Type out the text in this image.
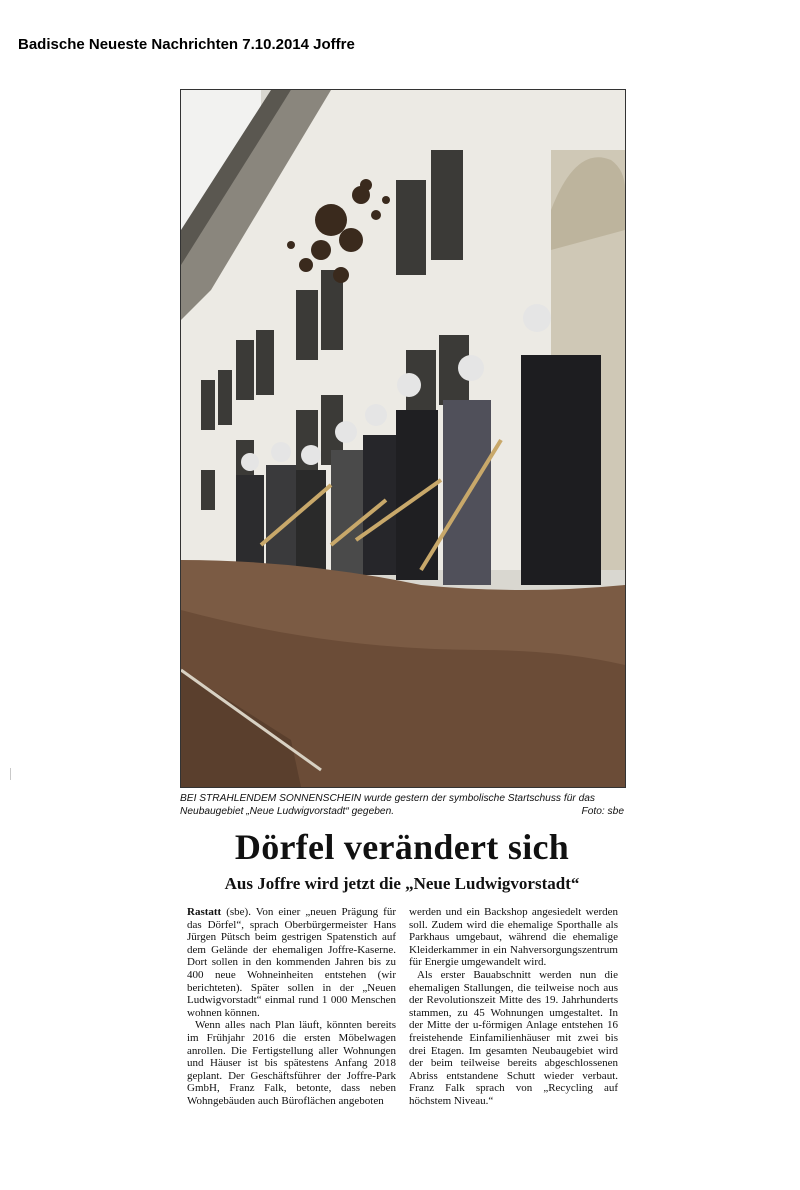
Badische Neueste Nachrichten 7.10.2014 Joffre
BEI STRAHLENDEM SONNENSCHEIN wurde gestern der symbolische Startschuss für das Neubaugebiet „Neue Ludwigvorstadt“ gegeben.	Foto: sbe
Dörfel verändert sich
Aus Joffre wird jetzt die „Neue Ludwigvorstadt“

Rastatt (sbe). Von einer „neuen Prägung für das Dörfel“, sprach Oberbürgermeister Hans Jürgen Pütsch beim gestrigen Spatenstich auf dem Gelände der ehemaligen Joffre-Kaserne. Dort sollen in den kommenden Jahren bis zu 400 neue Wohneinheiten entstehen (wir berichteten). Später sollen in der „Neuen Ludwigvorstadt“ einmal rund 1 000 Menschen wohnen können.

Wenn alles nach Plan läuft, könnten bereits im Frühjahr 2016 die ersten Möbelwagen anrollen. Die Fertigstellung aller Wohnungen und Häuser ist bis spätestens Anfang 2018 geplant. Der Geschäftsführer der Joffre-Park GmbH, Franz Falk, betonte, dass neben Wohngebäuden auch Büroflächen angeboten

werden und ein Backshop angesiedelt werden soll. Zudem wird die ehemalige Sporthalle als Parkhaus umgebaut, während die ehemalige Kleiderkammer in ein Nahversorgungszentrum für Energie umgewandelt wird.

Als erster Bauabschnitt werden nun die ehemaligen Stallungen, die teilweise noch aus der Revolutionszeit Mitte des 19. Jahrhunderts stammen, zu 45 Wohnungen umgestaltet. In der Mitte der u-förmigen Anlage entstehen 16 freistehende Einfamilienhäuser mit zwei bis drei Etagen. Im gesamten Neubaugebiet wird der beim teilweise bereits abgeschlossenen Abriss entstandene Schutt wieder verbaut. Franz Falk sprach von „Recycling auf höchstem Niveau.“
